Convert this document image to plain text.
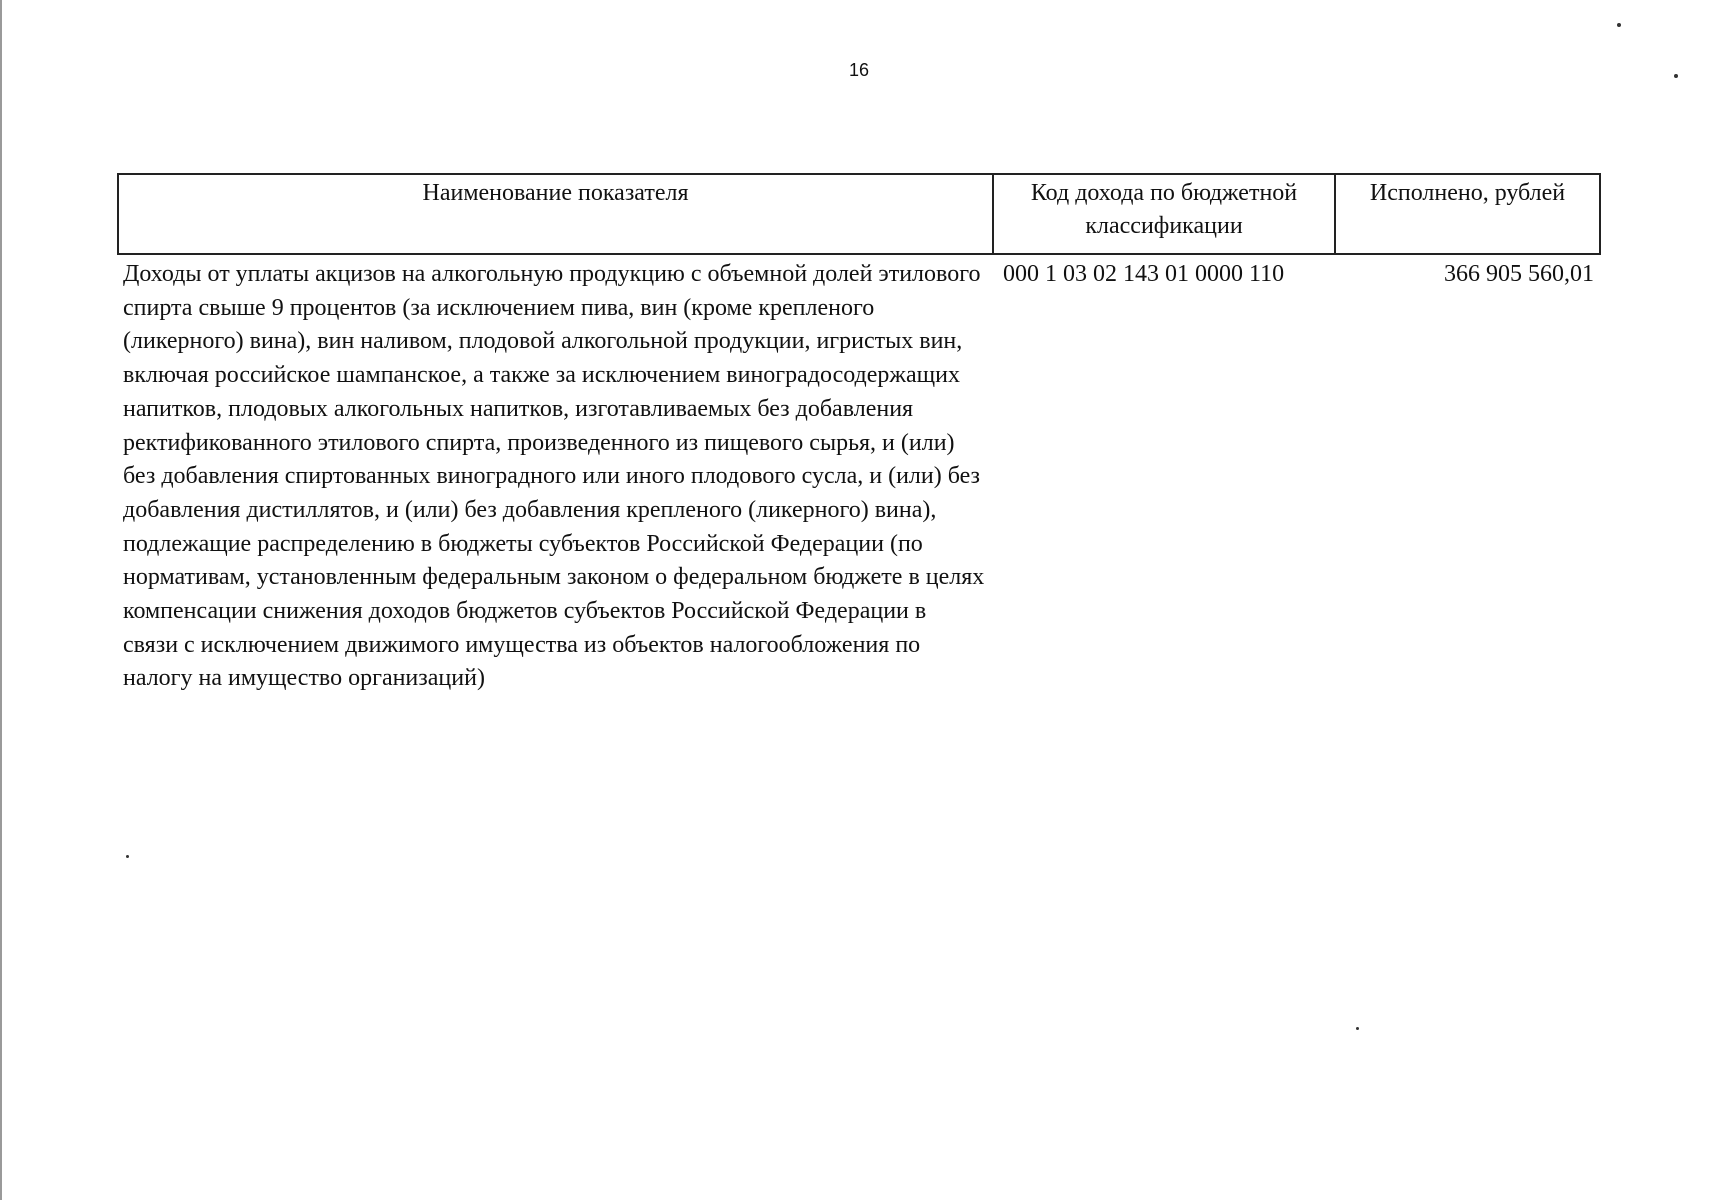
16
Наименование показателя	Код дохода по бюджетной классификации	Исполнено, рублей
Доходы от уплаты акцизов на алкогольную продукцию с объемной долей этилового спирта свыше 9 процентов (за исключением пива, вин (кроме крепленого (ликерного) вина), вин наливом, плодовой алкогольной продукции, игристых вин, включая российское шампанское, а также за исключением виноградосодержащих напитков, плодовых алкогольных напитков, изготавливаемых без добавления ректификованного этилового спирта, произведенного из пищевого сырья, и (или) без добавления спиртованных виноградного или иного плодового сусла, и (или) без добавления дистиллятов, и (или) без добавления крепленого (ликерного) вина), подлежащие распределению в бюджеты субъектов Российской Федерации (по нормативам, установленным федеральным законом о федеральном бюджете в целях компенсации снижения доходов бюджетов субъектов Российской Федерации в связи с исключением движимого имущества из объектов налогообложения по налогу на имущество организаций)	000 1 03 02 143 01 0000 110	366 905 560,01
